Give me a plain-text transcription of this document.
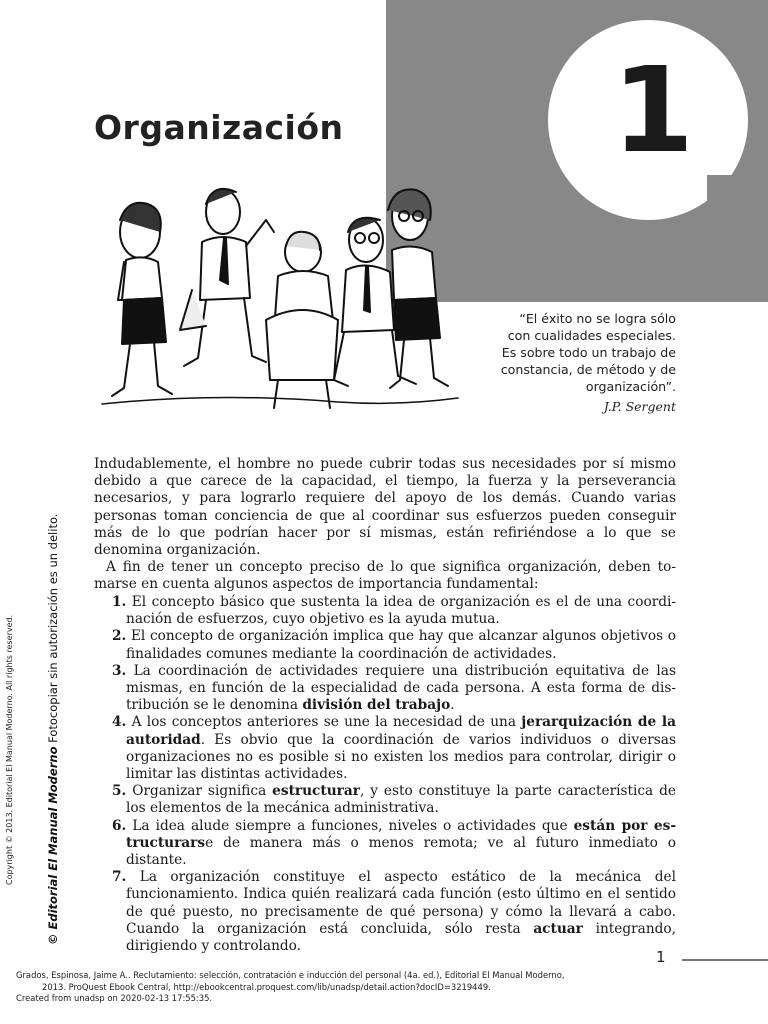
1
Organización
“El éxito no se logra sólo
con cualidades especiales.
Es sobre todo un trabajo de
constancia, de método y de
organización”.
J.P. Sergent

Indudablemente, el hombre no puede cubrir todas sus necesidades por sí mismo debido a que carece de la capacidad, el tiempo, la fuerza y la perseverancia necesarios, y para lograrlo requiere del apoyo de los demás. Cuando varias personas toman conciencia de que al coordinar sus esfuerzos pueden conseguir más de lo que podrían hacer por sí mismas, están refiriéndose a lo que se denomina organización.

A fin de tener un concepto preciso de lo que significa organización, deben tomarse en cuenta algunos aspectos de importancia fundamental:

1. El concepto básico que sustenta la idea de organización es el de una coordinación de esfuerzos, cuyo objetivo es la ayuda mutua.
2. El concepto de organización implica que hay que alcanzar algunos objetivos o finalidades comunes mediante la coordinación de actividades.
3. La coordinación de actividades requiere una distribución equitativa de las mismas, en función de la especialidad de cada persona. A esta forma de distribución se le denomina división del trabajo.
4. A los conceptos anteriores se une la necesidad de una jerarquización de la autoridad. Es obvio que la coordinación de varios individuos o diversas organizaciones no es posible si no existen los medios para controlar, dirigir o limitar las distintas actividades.
5. Organizar significa estructurar, y esto constituye la parte característica de los elementos de la mecánica administrativa.
6. La idea alude siempre a funciones, niveles o actividades que están por estructurarse de manera más o menos remota; ve al futuro inmediato o distante.
7. La organización constituye el aspecto estático de la mecánica del funcionamiento. Indica quién realizará cada función (esto último en el sentido de qué puesto, no precisamente de qué persona) y cómo la llevará a cabo. Cuando la organización está concluida, sólo resta actuar integrando, dirigiendo y controlando.
Copyright © 2013. Editorial El Manual Moderno. All rights reserved.	© Editorial El Manual Moderno Fotocopiar sin autorización es un delito.
1
Grados, Espinosa, Jaime A.. Reclutamiento: selección, contratación e inducción del personal (4a. ed.), Editorial El Manual Moderno,
2013. ProQuest Ebook Central, http://ebookcentral.proquest.com/lib/unadsp/detail.action?docID=3219449.
Created from unadsp on 2020-02-13 17:55:35.
